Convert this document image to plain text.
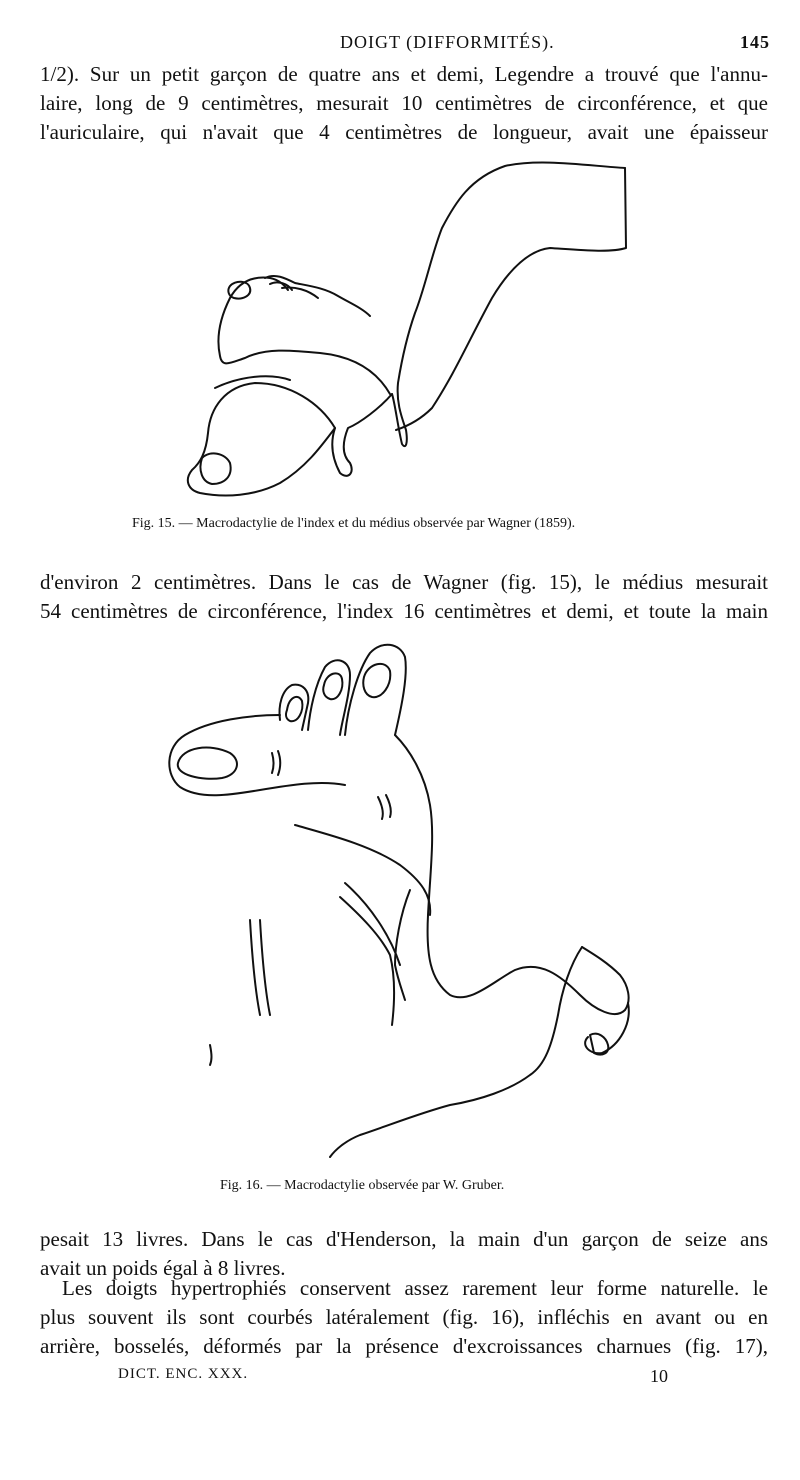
DOIGT (DIFFORMITÉS).	145

1/2). Sur un petit garçon de quatre ans et demi, Legendre a trouvé que l'annu-
laire, long de 9 centimètres, mesurait 10 centimètres de circonférence, et que
l'auriculaire, qui n'avait que 4 centimètres de longueur, avait une épaisseur

Fig. 15. — Macrodactylie de l'index et du médius observée par Wagner (1859).

d'environ 2 centimètres. Dans le cas de Wagner (fig. 15), le médius mesurait
54 centimètres de circonférence, l'index 16 centimètres et demi, et toute la main

Fig. 16. — Macrodactylie observée par W. Gruber.

pesait 13 livres. Dans le cas d'Henderson, la main d'un garçon de seize ans
avait un poids égal à 8 livres.

Les doigts hypertrophiés conservent assez rarement leur forme naturelle. le
plus souvent ils sont courbés latéralement (fig. 16), infléchis en avant ou en
arrière, bosselés, déformés par la présence d'excroissances charnues (fig. 17),

DICT. ENC. XXX.	10
